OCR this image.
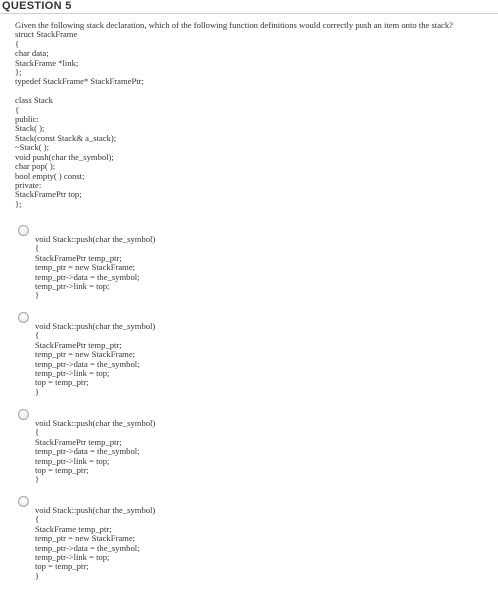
QUESTION 5
Given the following stack declaration, which of the following function definitions would correctly push an item onto the stack?
struct StackFrame
{
char data;
StackFrame *link;
};
typedef StackFrame* StackFramePtr;

class Stack
{
public:
Stack( );
Stack(const Stack& a_stack);
~Stack( );
void push(char the_symbol);
char pop( );
bool empty( ) const;
private:
StackFramePtr top;
};
void Stack::push(char the_symbol)
{
StackFramePtr temp_ptr;
temp_ptr = new StackFrame;
temp_ptr->data = the_symbol;
temp_ptr->link = top;
}
void Stack::push(char the_symbol)
{
StackFramePtr temp_ptr;
temp_ptr = new StackFrame;
temp_ptr->data = the_symbol;
temp_ptr->link = top;
top = temp_ptr;
}
void Stack::push(char the_symbol)
{
StackFramePtr temp_ptr;
temp_ptr->data = the_symbol;
temp_ptr->link = top;
top = temp_ptr;
}
void Stack::push(char the_symbol)
{
StackFrame temp_ptr;
temp_ptr = new StackFrame;
temp_ptr->data = the_symbol;
temp_ptr->link = top;
top = temp_ptr;
}
